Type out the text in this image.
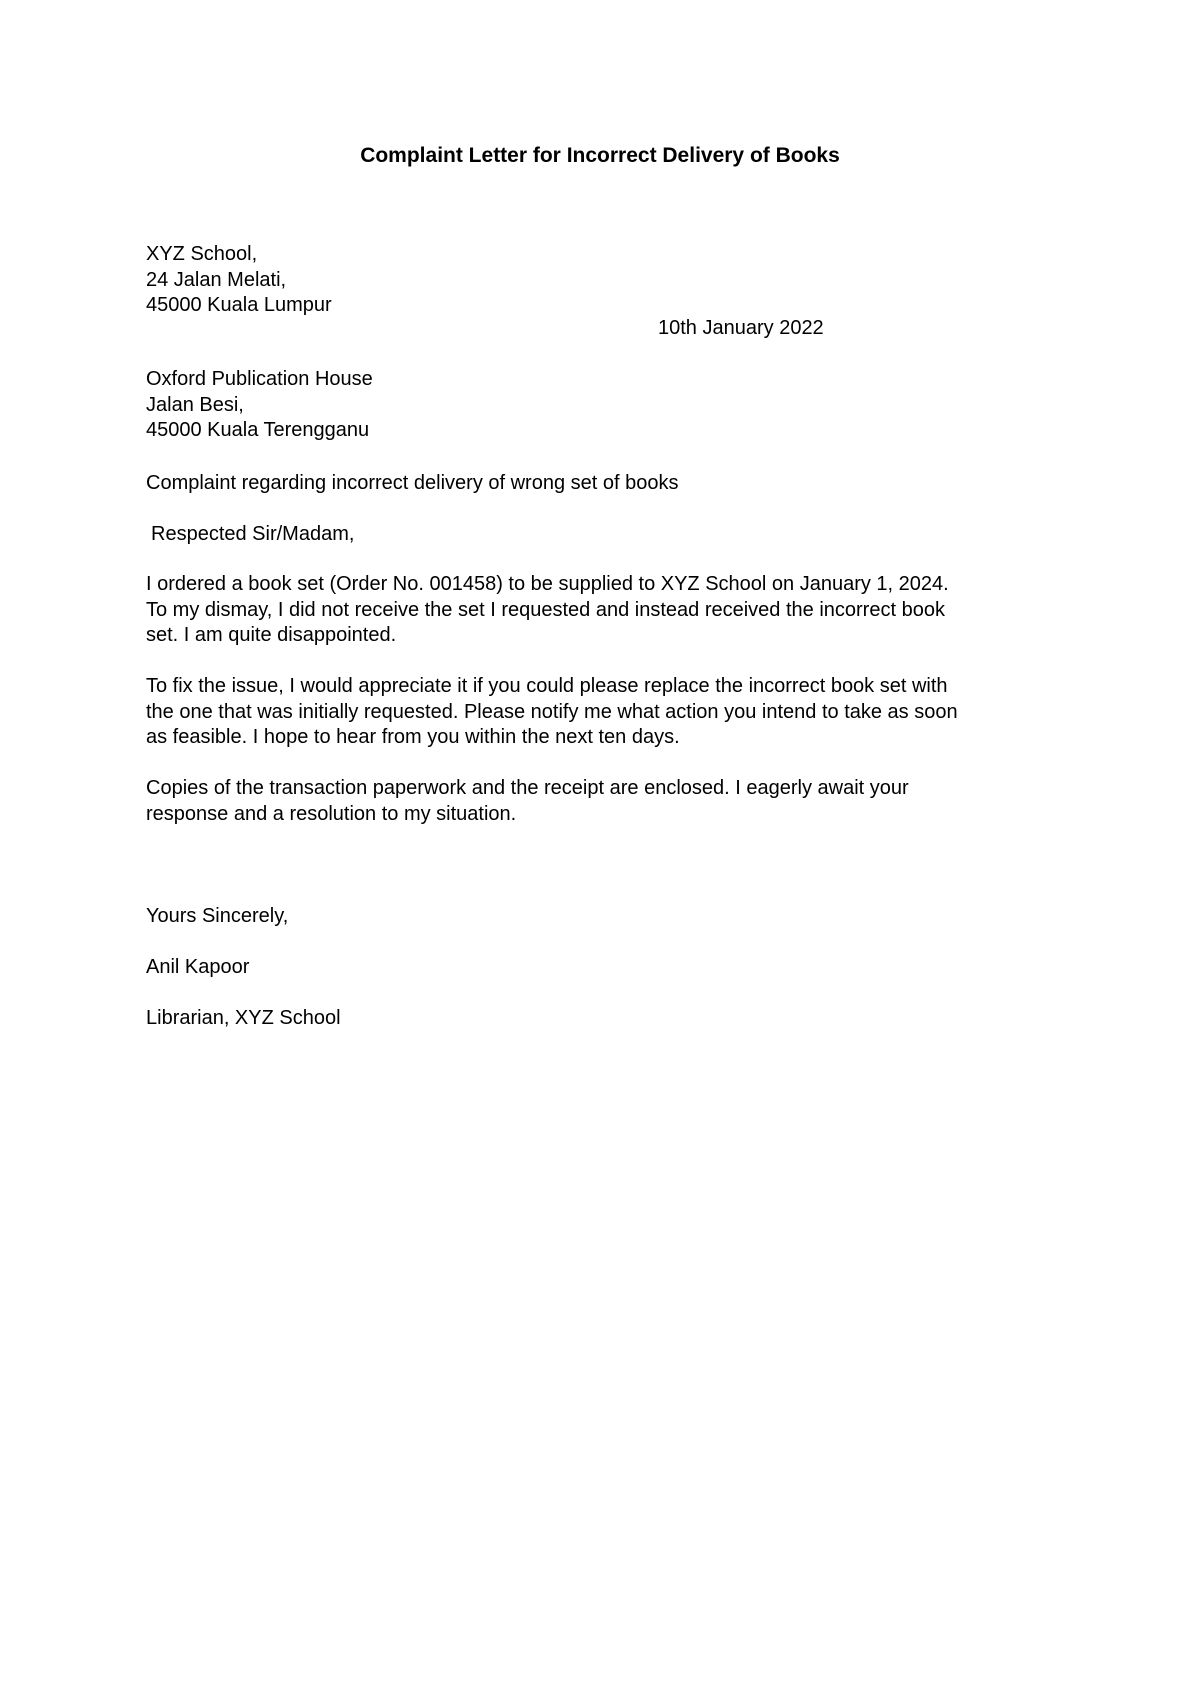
Complaint Letter for Incorrect Delivery of Books
XYZ School,
24 Jalan Melati,
45000 Kuala Lumpur
10th January 2022
Oxford Publication House
Jalan Besi,
45000 Kuala Terengganu
Complaint regarding incorrect delivery of wrong set of books
Respected Sir/Madam,
I ordered a book set (Order No. 001458) to be supplied to XYZ School on January 1, 2024.
To my dismay, I did not receive the set I requested and instead received the incorrect book
set. I am quite disappointed.
To fix the issue, I would appreciate it if you could please replace the incorrect book set with
the one that was initially requested. Please notify me what action you intend to take as soon
as feasible. I hope to hear from you within the next ten days.
Copies of the transaction paperwork and the receipt are enclosed. I eagerly await your
response and a resolution to my situation.
Yours Sincerely,
Anil Kapoor
Librarian, XYZ School
